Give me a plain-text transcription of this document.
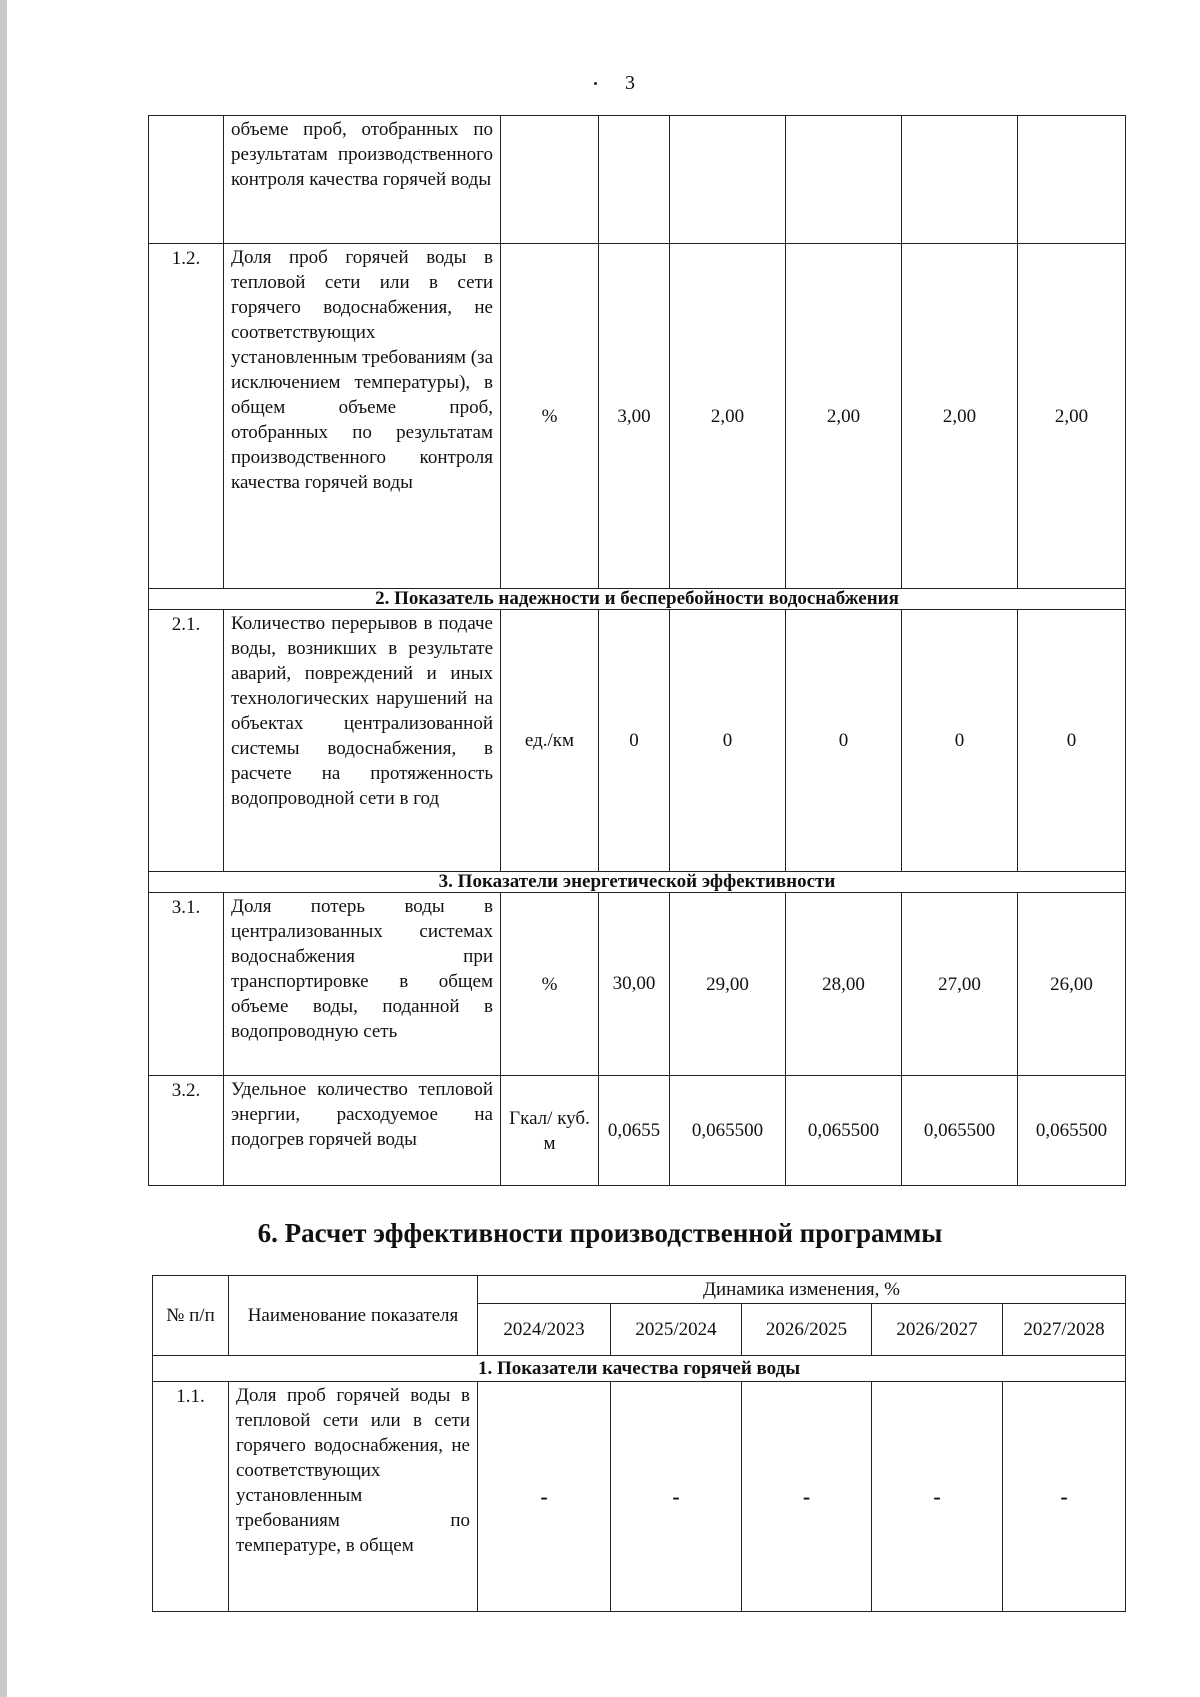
3
	объеме проб, отобранных по результатам производственного контроля качества горячей воды						
1.2.	Доля проб горячей воды в тепловой сети или в сети горячего водоснабжения, не соответствующих установленным требованиям (за исключением температуры), в общем объеме проб, отобранных по результатам производственного контроля качества горячей воды	%	3,00	2,00	2,00	2,00	2,00
2. Показатель надежности и бесперебойности водоснабжения							
2.1.	Количество перерывов в подаче воды, возникших в результате аварий, повреждений и иных технологических нарушений на объектах централизованной системы водоснабжения, в расчете на протяженность водопроводной сети в год	ед./км	0	0	0	0	0
3. Показатели энергетической эффективности							
3.1.	Доля потерь воды в централизованных системах водоснабжения при транспортировке в общем объеме воды, поданной в водопроводную сеть	%	30,00	29,00	28,00	27,00	26,00
3.2.	Удельное количество тепловой энергии, расходуемое на подогрев горячей воды	Гкал/ куб. м	0,0655	0,065500	0,065500	0,065500	0,065500
6. Расчет эффективности производственной программы
№ п/п	Наименование показателя	Динамика изменения, %				
		2024/2023	2025/2024	2026/2025	2026/2027	2027/2028
1. Показатели качества горячей воды						
1.1.	Доля проб горячей воды в тепловой сети или в сети горячего водоснабжения, не соответствующих установленным требованиям по температуре, в общем	-	-	-	-	-
